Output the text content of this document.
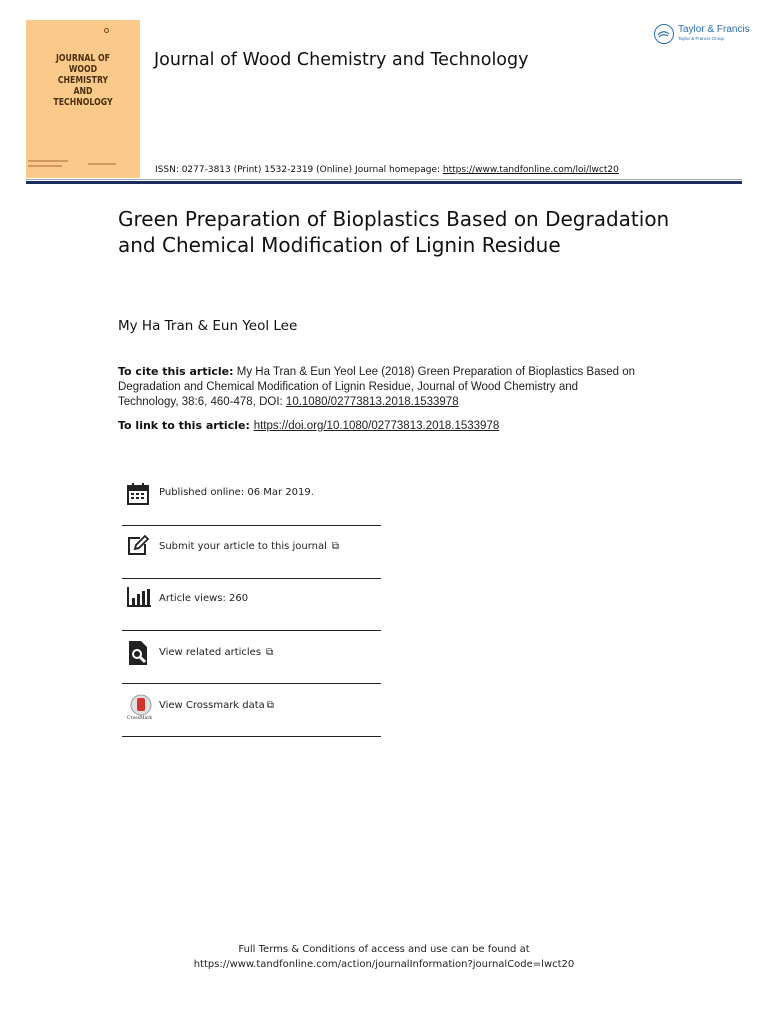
JOURNAL OF
WOOD
CHEMISTRY
AND
TECHNOLOGY
Journal of Wood Chemistry and Technology
ISSN: 0277-3813 (Print) 1532-2319 (Online) Journal homepage: https://www.tandfonline.com/loi/lwct20
Taylor & Francis
Taylor & Francis Group
Green Preparation of Bioplastics Based on Degradation and Chemical Modification of Lignin Residue
My Ha Tran & Eun Yeol Lee
To cite this article: My Ha Tran & Eun Yeol Lee (2018) Green Preparation of Bioplastics Based on Degradation and Chemical Modification of Lignin Residue, Journal of Wood Chemistry and Technology, 38:6, 460-478, DOI: 10.1080/02773813.2018.1533978
To link to this article: https://doi.org/10.1080/02773813.2018.1533978
Published online: 06 Mar 2019.
Submit your article to this journal ⧉
Article views: 260
View related articles ⧉
CrossMark
View Crossmark data ⧉
Full Terms & Conditions of access and use can be found at
https://www.tandfonline.com/action/journalInformation?journalCode=lwct20
